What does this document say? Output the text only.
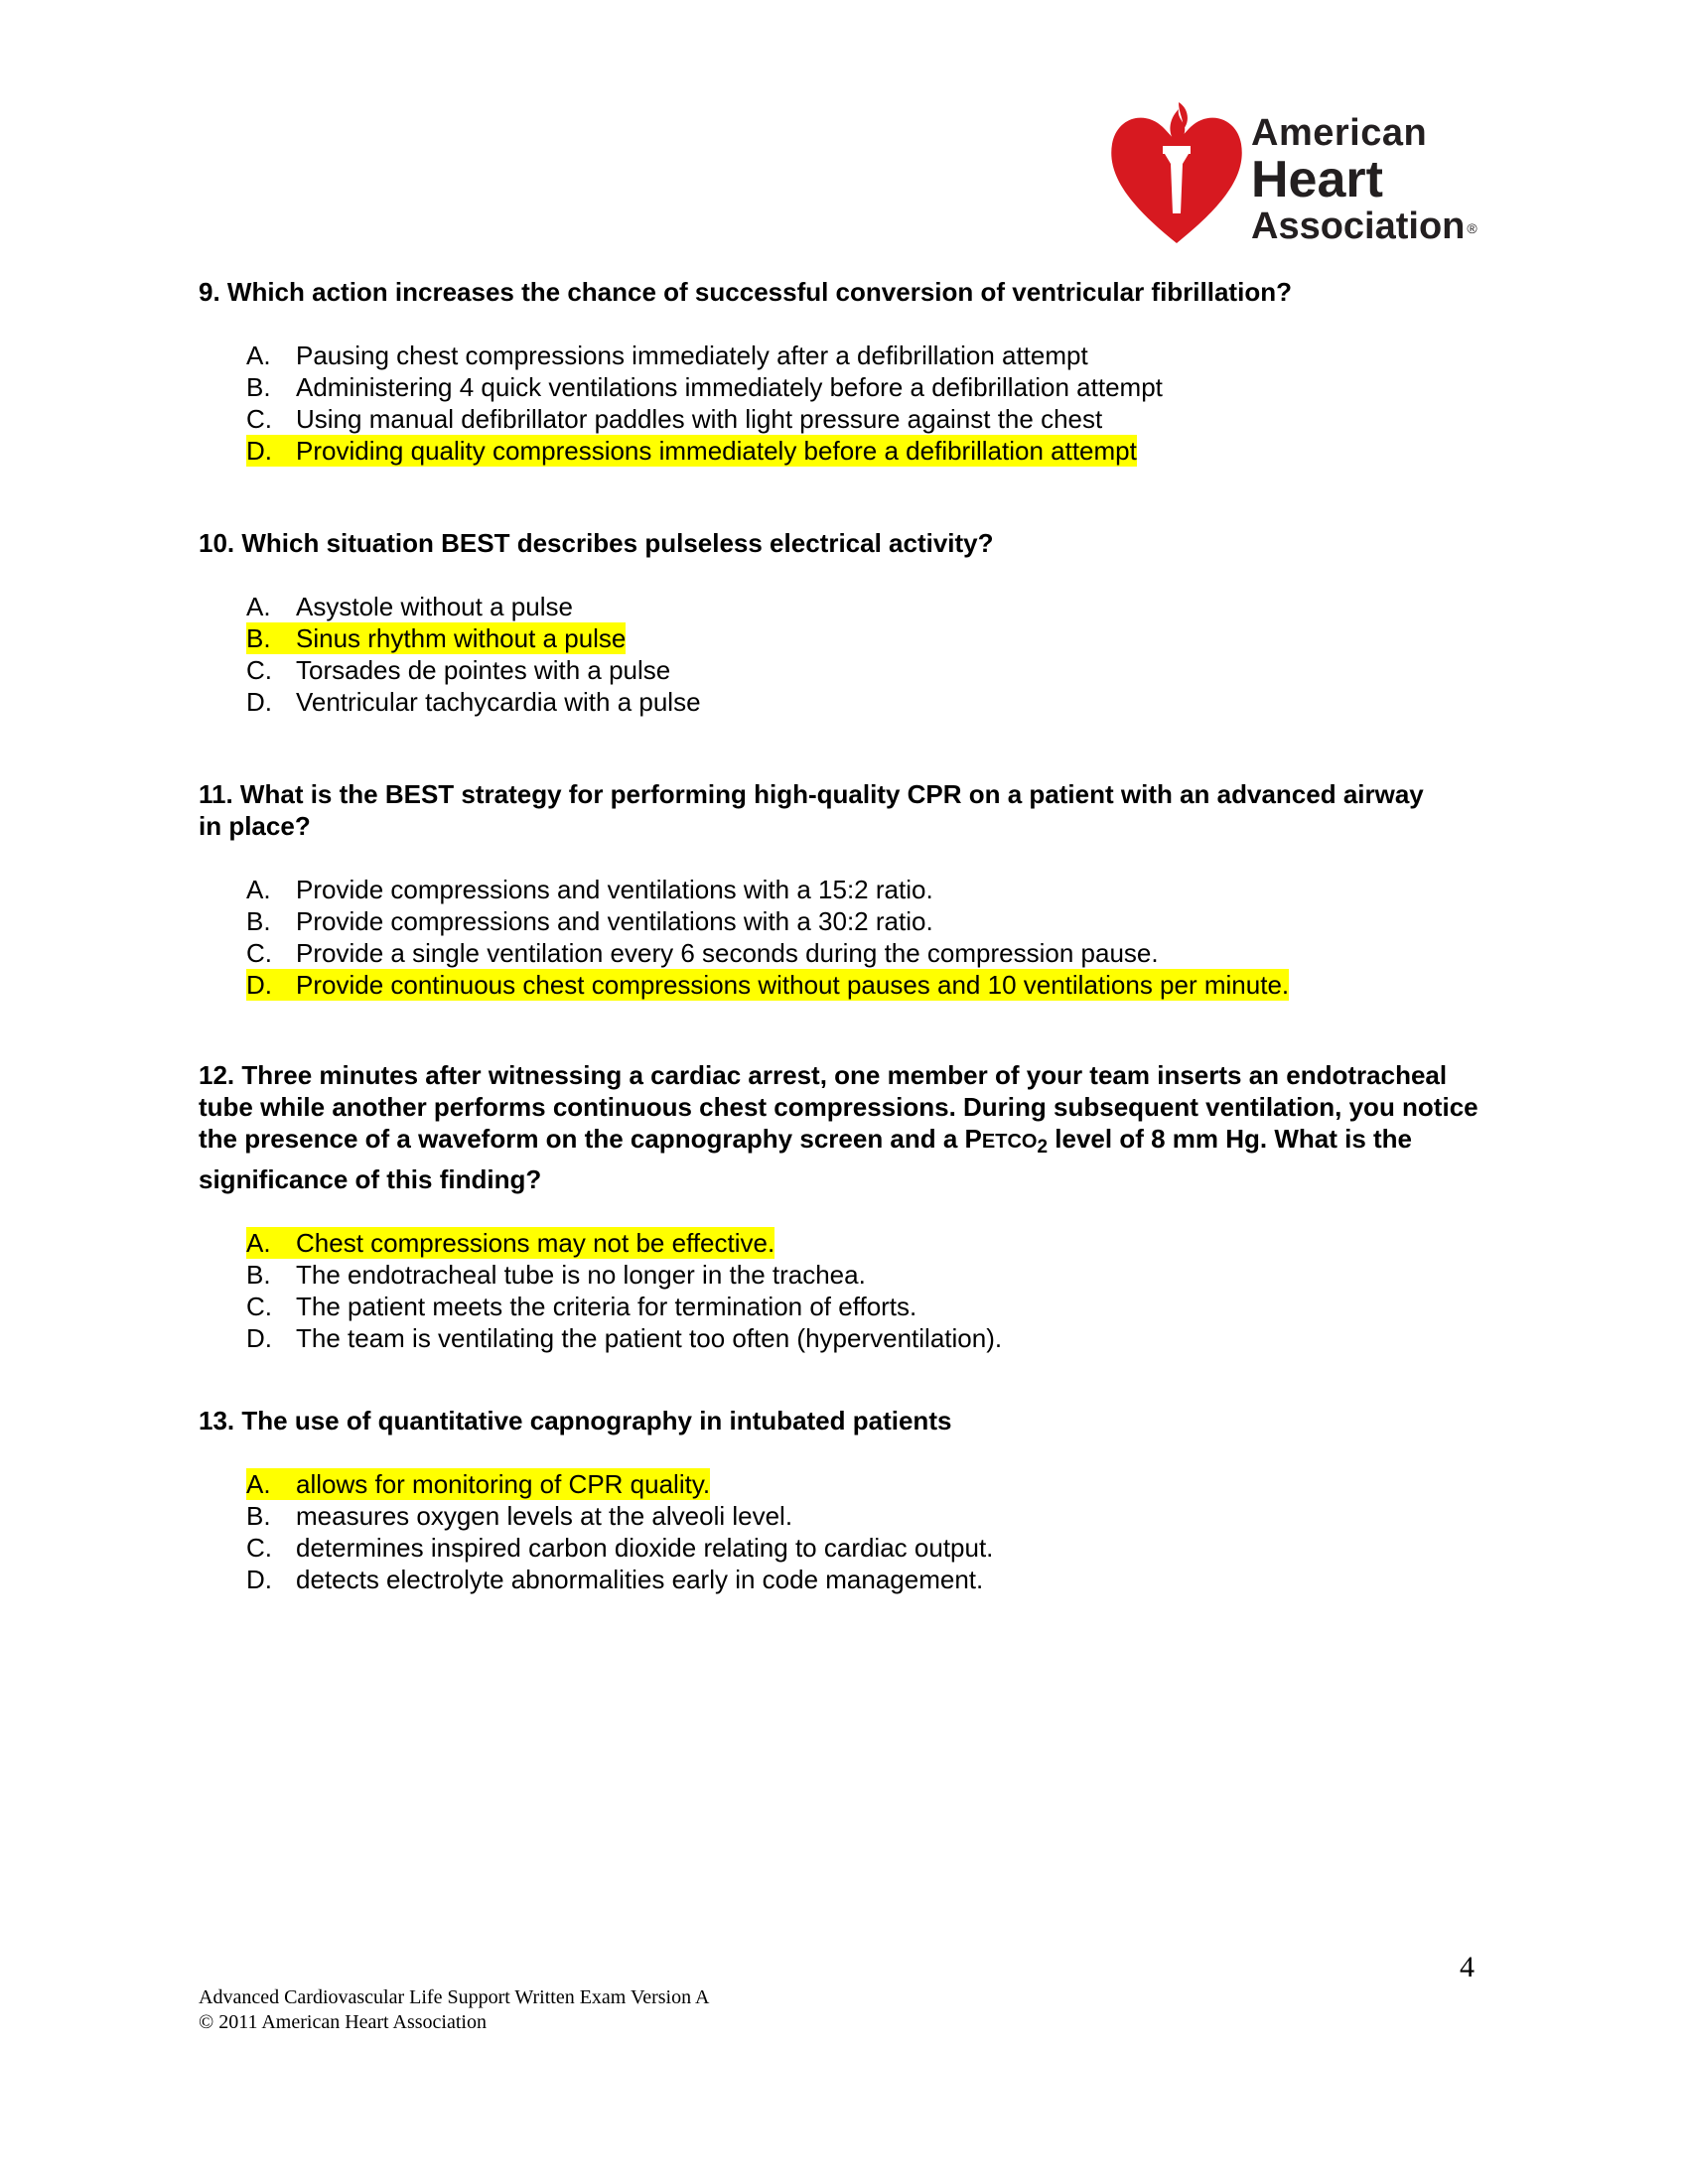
American
Heart
Association ®

9. Which action increases the chance of successful conversion of ventricular fibrillation?

A. Pausing chest compressions immediately after a defibrillation attempt
B. Administering 4 quick ventilations immediately before a defibrillation attempt
C. Using manual defibrillator paddles with light pressure against the chest
D. Providing quality compressions immediately before a defibrillation attempt

10. Which situation BEST describes pulseless electrical activity?

A. Asystole without a pulse
B. Sinus rhythm without a pulse
C. Torsades de pointes with a pulse
D. Ventricular tachycardia with a pulse

11. What is the BEST strategy for performing high-quality CPR on a patient with an advanced airway in place?

A. Provide compressions and ventilations with a 15:2 ratio.
B. Provide compressions and ventilations with a 30:2 ratio.
C. Provide a single ventilation every 6 seconds during the compression pause.
D. Provide continuous chest compressions without pauses and 10 ventilations per minute.

12. Three minutes after witnessing a cardiac arrest, one member of your team inserts an endotracheal tube while another performs continuous chest compressions. During subsequent ventilation, you notice the presence of a waveform on the capnography screen and a $PETCO_2$ level of 8 mm Hg. What is the significance of this finding?

A. Chest compressions may not be effective.
B. The endotracheal tube is no longer in the trachea.
C. The patient meets the criteria for termination of efforts.
D. The team is ventilating the patient too often (hyperventilation).

13. The use of quantitative capnography in intubated patients

A. allows for monitoring of CPR quality.
B. measures oxygen levels at the alveoli level.
C. determines inspired carbon dioxide relating to cardiac output.
D. detects electrolyte abnormalities early in code management.
4
Advanced Cardiovascular Life Support Written Exam Version A
© 2011 American Heart Association
